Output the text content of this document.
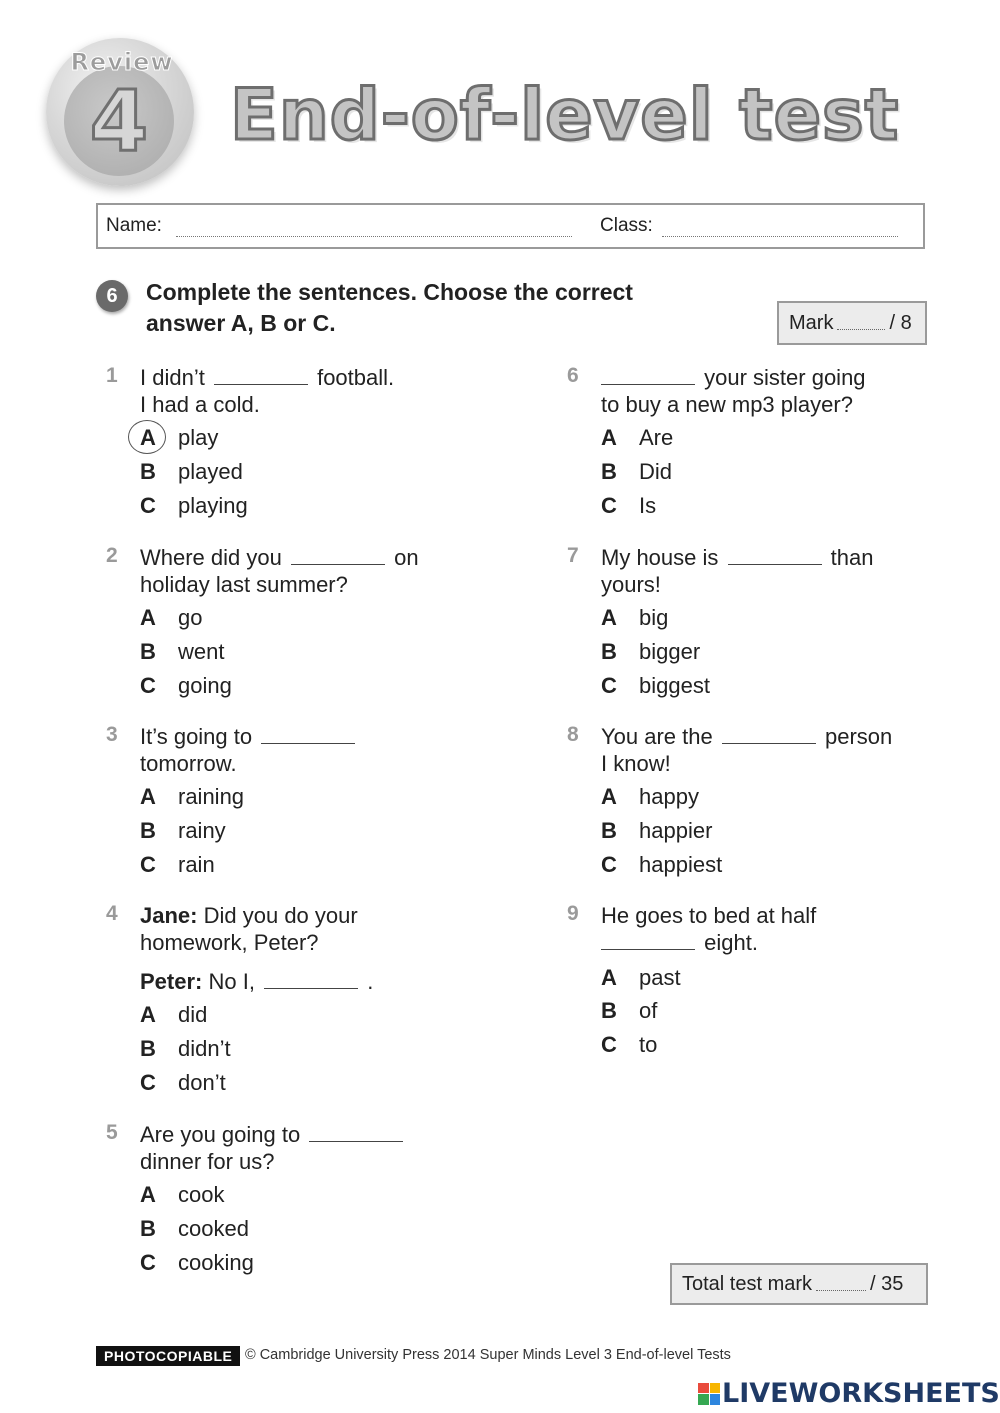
Review
4	End-of-level test
Name:	Class:
6	Complete the sentences. Choose the correct
answer A, B or C.	Mark	/ 8
1 I didn’t	football.
I had a cold.
A play
B played
C playing
2 Where did you	on
holiday last summer?
A go
B went
C going
3 It’s going to
tomorrow.
A raining
B rainy
C rain
4 Jane: Did you do your
homework, Peter?
Peter: No I,	.
A did
B didn’t
C don’t
5 Are you going to
dinner for us?
A cook
B cooked
C cooking
6	your sister going
to buy a new mp3 player?
A Are
B Did
C Is
7 My house is	than
yours!
A big
B bigger
C biggest
8 You are the	person
I know!
A happy
B happier
C happiest
9 He goes to bed at half
eight.
A past
B of
C to
Total test mark	/ 35
PHOTOCOPIABLE © Cambridge University Press 2014 Super Minds Level 3 End-of-level Tests
LIVEWORKSHEETS
